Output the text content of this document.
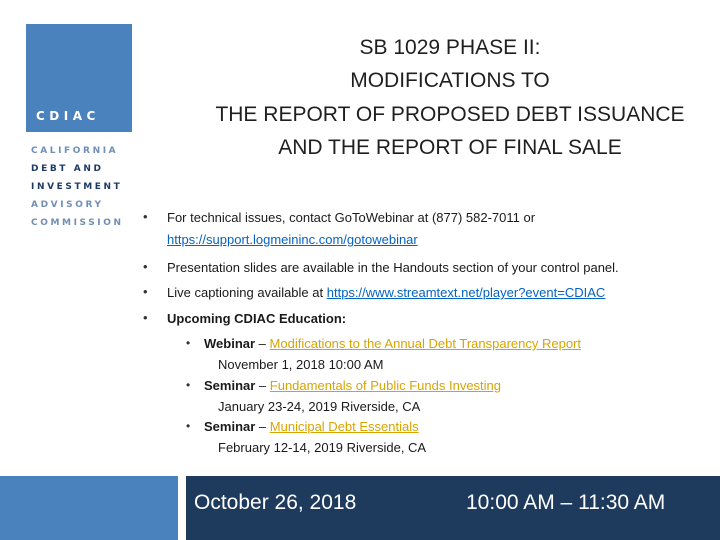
CDIAC
CALIFORNIA
DEBT AND
INVESTMENT
ADVISORY
COMMISSION
SB 1029 PHASE II:
MODIFICATIONS TO
THE REPORT OF PROPOSED DEBT ISSUANCE
AND THE REPORT OF FINAL SALE
•	For technical issues, contact GoToWebinar at (877) 582-7011 or
https://support.logmeininc.com/gotowebinar
•	Presentation slides are available in the Handouts section of your control panel.
•	Live captioning available at https://www.streamtext.net/player?event=CDIAC
•	Upcoming CDIAC Education:
• Webinar – Modifications to the Annual Debt Transparency Report
November 1, 2018 10:00 AM
• Seminar – Fundamentals of Public Funds Investing
January 23-24, 2019 Riverside, CA
• Seminar – Municipal Debt Essentials
February 12-14, 2019 Riverside, CA
October 26, 2018	10:00 AM – 11:30 AM
